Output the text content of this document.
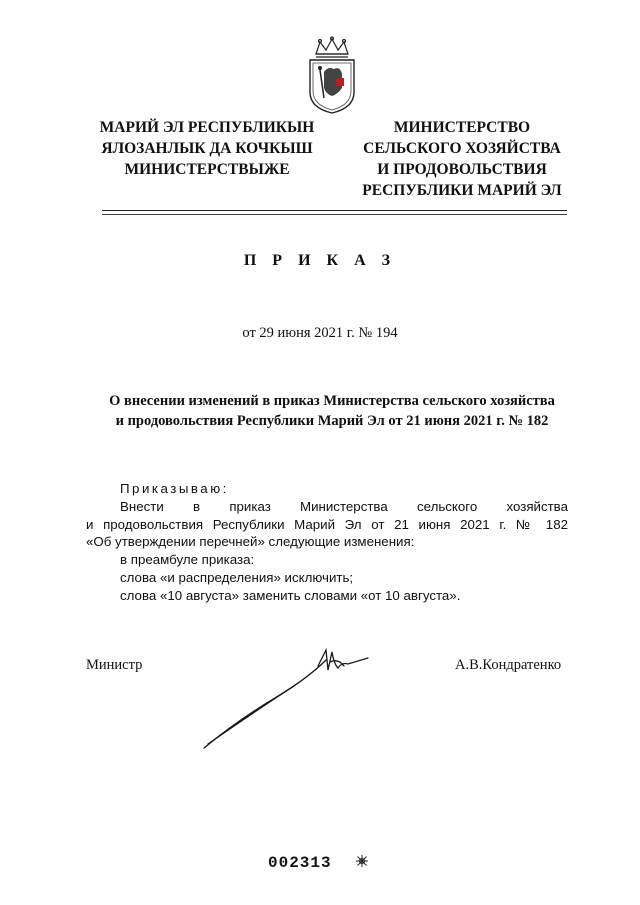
МАРИЙ ЭЛ РЕСПУБЛИКЫН

ЯЛОЗАНЛЫК ДА КОЧКЫШ

МИНИСТЕРСТВЫЖЕ

МИНИСТЕРСТВО

СЕЛЬСКОГО ХОЗЯЙСТВА

И ПРОДОВОЛЬСТВИЯ

РЕСПУБЛИКИ МАРИЙ ЭЛ

П Р И К А З
от 29 июня 2021 г. № 194
О внесении изменений в приказ Министерства сельского хозяйства
и продовольствия Республики Марий Эл от 21 июня 2021 г. № 182

Приказываю:

Внести в приказ Министерства сельского хозяйства

и продовольствия Республики Марий Эл от 21 июня 2021 г. № 182

«Об утверждении перечней» следующие изменения:

в преамбуле приказа:

слова «и распределения» исключить;

слова «10 августа» заменить словами «от 10 августа».

Министр	А.В.Кондратенко
002313
